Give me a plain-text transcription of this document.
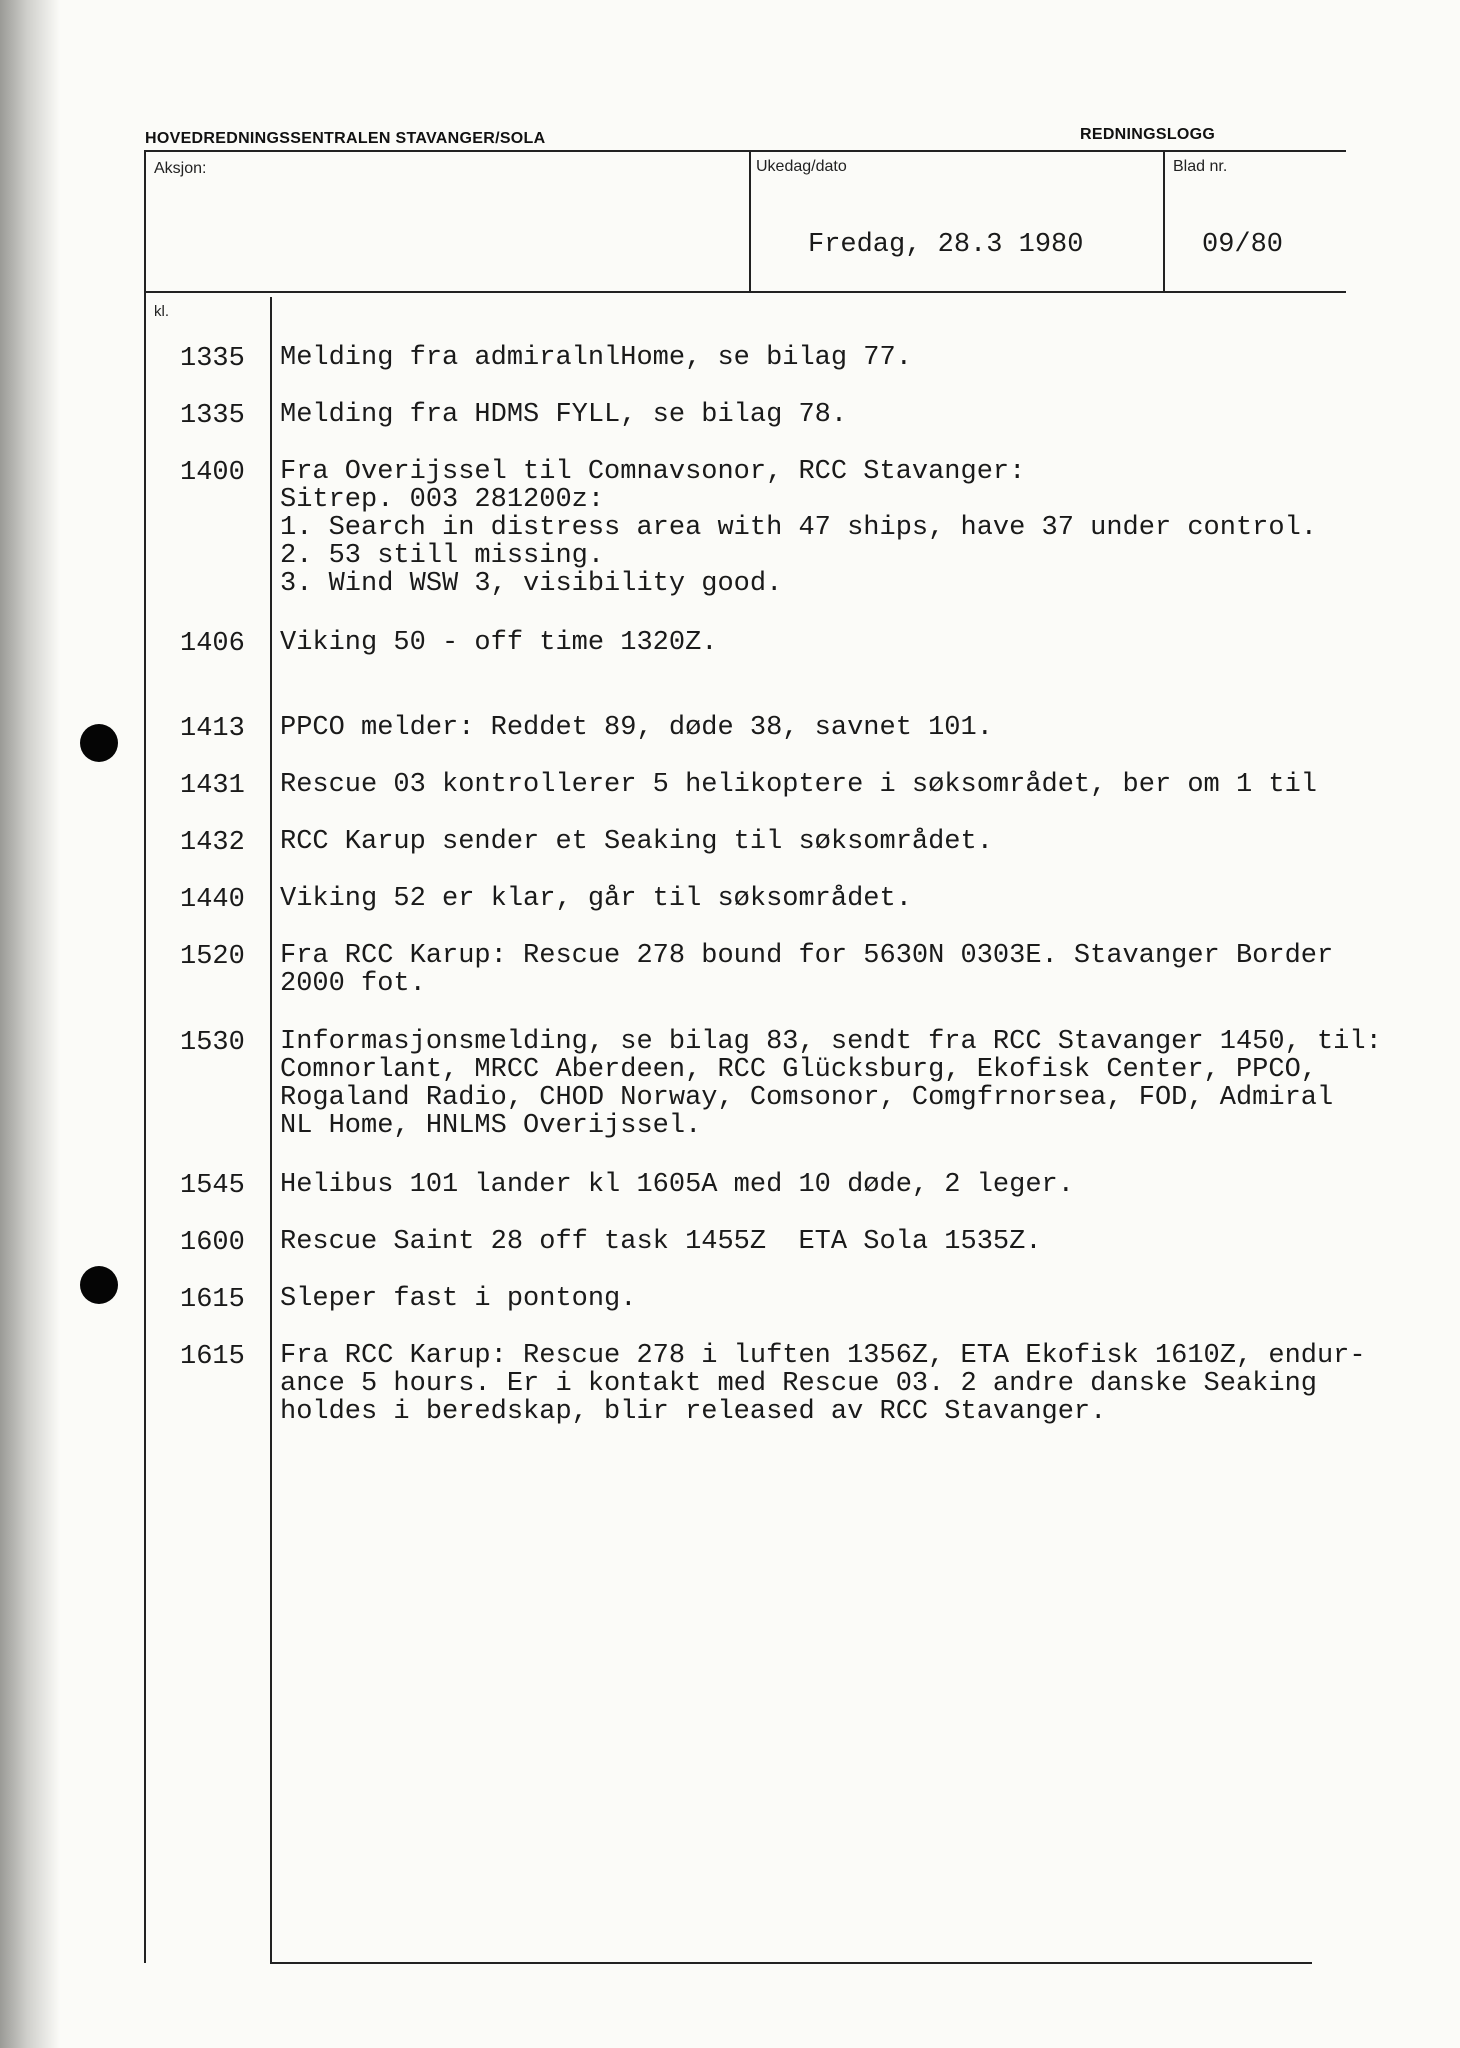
HOVEDREDNINGSSENTRALEN STAVANGER/SOLA	REDNINGSLOGG
Aksjon:	Ukedag/dato	Blad nr.
Fredag, 28.3 1980	09/80
kl.
1335 Melding fra admiralnlHome, se bilag 77.
1335 Melding fra HDMS FYLL, se bilag 78.
1400 Fra Overijssel til Comnavsonor, RCC Stavanger:
Sitrep. 003 281200z:
1. Search in distress area with 47 ships, have 37 under control.
2. 53 still missing.
3. Wind WSW 3, visibility good.
1406 Viking 50 - off time 1320Z.
1413 PPCO melder: Reddet 89, døde 38, savnet 101.
1431 Rescue 03 kontrollerer 5 helikoptere i søksområdet, ber om 1 til
1432 RCC Karup sender et Seaking til søksområdet.
1440 Viking 52 er klar, går til søksområdet.
1520 Fra RCC Karup: Rescue 278 bound for 5630N 0303E. Stavanger Border
2000 fot.
1530 Informasjonsmelding, se bilag 83, sendt fra RCC Stavanger 1450, til:
Comnorlant, MRCC Aberdeen, RCC Glücksburg, Ekofisk Center, PPCO,
Rogaland Radio, CHOD Norway, Comsonor, Comgfrnorsea, FOD, Admiral
NL Home, HNLMS Overijssel.
1545 Helibus 101 lander kl 1605A med 10 døde, 2 leger.
1600 Rescue Saint 28 off task 1455Z  ETA Sola 1535Z.
1615 Sleper fast i pontong.
1615 Fra RCC Karup: Rescue 278 i luften 1356Z, ETA Ekofisk 1610Z, endur-
ance 5 hours. Er i kontakt med Rescue 03. 2 andre danske Seaking
holdes i beredskap, blir released av RCC Stavanger.
